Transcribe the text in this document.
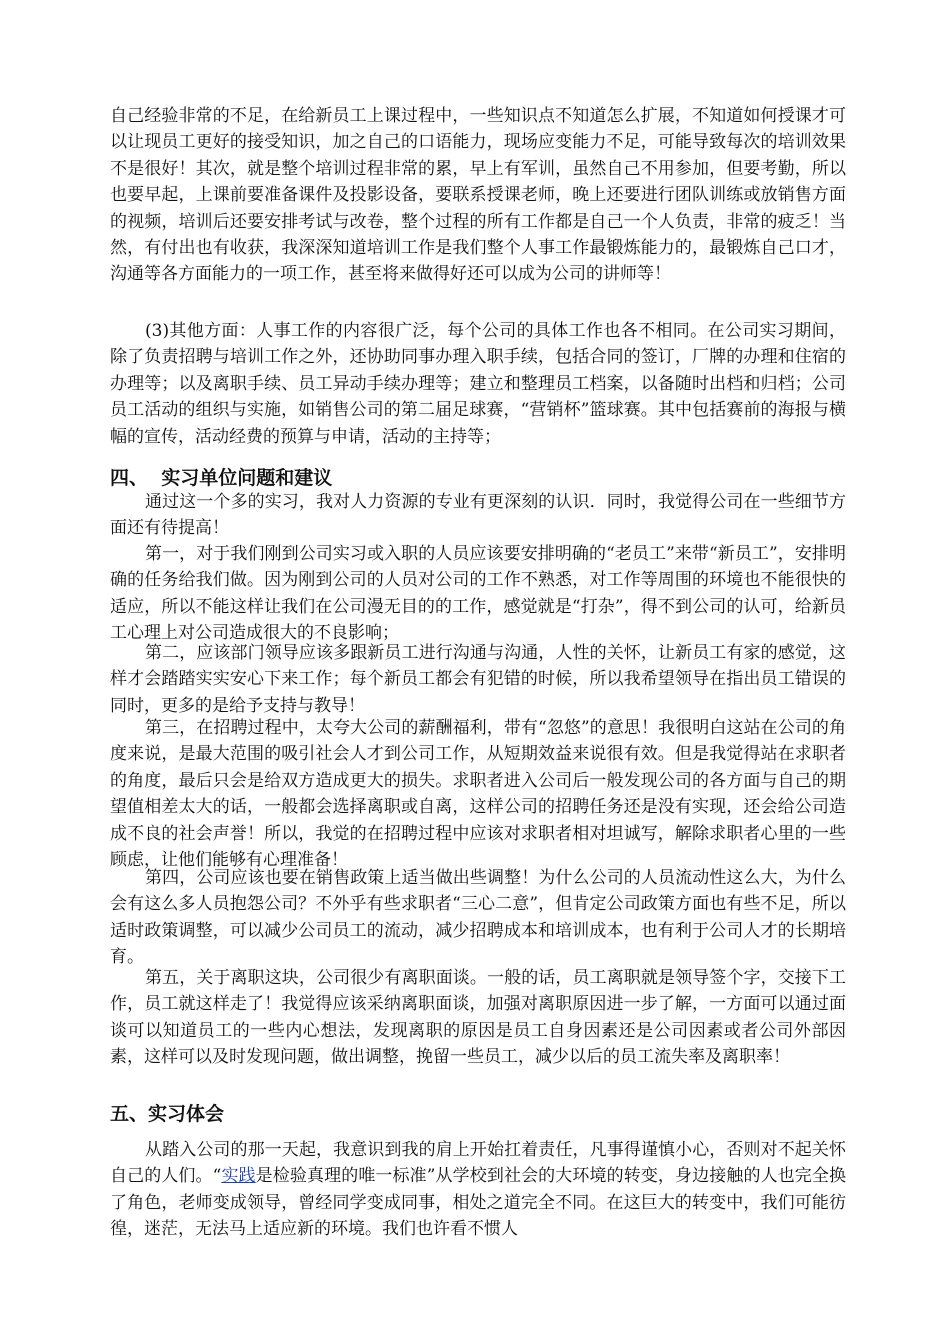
自己经验非常的不足，在给新员工上课过程中，一些知识点不知道怎么扩展，不知道如何授课才可以让现员工更好的接受知识，加之自己的口语能力，现场应变能力不足，可能导致每次的培训效果不是很好！其次，就是整个培训过程非常的累，早上有军训，虽然自己不用参加，但要考勤，所以也要早起，上课前要准备课件及投影设备，要联系授课老师，晚上还要进行团队训练或放销售方面的视频，培训后还要安排考试与改卷，整个过程的所有工作都是自己一个人负责，非常的疲乏！当然，有付出也有收获，我深深知道培训工作是我们整个人事工作最锻炼能力的，最锻炼自己口才，沟通等各方面能力的一项工作，甚至将来做得好还可以成为公司的讲师等！
(3)其他方面：人事工作的内容很广泛，每个公司的具体工作也各不相同。在公司实习期间，除了负责招聘与培训工作之外，还协助同事办理入职手续，包括合同的签订，厂牌的办理和住宿的办理等；以及离职手续、员工异动手续办理等；建立和整理员工档案，以备随时出档和归档；公司员工活动的组织与实施，如销售公司的第二届足球赛，“营销杯”篮球赛。其中包括赛前的海报与横幅的宣传，活动经费的预算与申请，活动的主持等；
四、  实习单位问题和建议
通过这一个多的实习，我对人力资源的专业有更深刻的认识．同时，我觉得公司在一些细节方面还有待提高！
第一，对于我们刚到公司实习或入职的人员应该要安排明确的“老员工”来带“新员工”，安排明确的任务给我们做。因为刚到公司的人员对公司的工作不熟悉，对工作等周围的环境也不能很快的适应，所以不能这样让我们在公司漫无目的的工作，感觉就是“打杂”，得不到公司的认可，给新员工心理上对公司造成很大的不良影响；
第二，应该部门领导应该多跟新员工进行沟通与沟通，人性的关怀，让新员工有家的感觉，这样才会踏踏实实安心下来工作；每个新员工都会有犯错的时候，所以我希望领导在指出员工错误的同时，更多的是给予支持与教导！
第三，在招聘过程中，太夸大公司的薪酬福利，带有“忽悠”的意思！我很明白这站在公司的角度来说，是最大范围的吸引社会人才到公司工作，从短期效益来说很有效。但是我觉得站在求职者的角度，最后只会是给双方造成更大的损失。求职者进入公司后一般发现公司的各方面与自己的期望值相差太大的话，一般都会选择离职或自离，这样公司的招聘任务还是没有实现，还会给公司造成不良的社会声誉！所以，我觉的在招聘过程中应该对求职者相对坦诚写，解除求职者心里的一些顾虑，让他们能够有心理准备！
第四，公司应该也要在销售政策上适当做出些调整！为什么公司的人员流动性这么大，为什么会有这么多人员抱怨公司？不外乎有些求职者“三心二意”，但肯定公司政策方面也有些不足，所以适时政策调整，可以减少公司员工的流动，减少招聘成本和培训成本，也有利于公司人才的长期培育。
第五，关于离职这块，公司很少有离职面谈。一般的话，员工离职就是领导签个字，交接下工作，员工就这样走了！我觉得应该采纳离职面谈，加强对离职原因进一步了解，一方面可以通过面谈可以知道员工的一些内心想法，发现离职的原因是员工自身因素还是公司因素或者公司外部因素，这样可以及时发现问题，做出调整，挽留一些员工，减少以后的员工流失率及离职率！
五、实习体会
从踏入公司的那一天起，我意识到我的肩上开始扛着责任，凡事得谨慎小心，否则对不起关怀自己的人们。“实践是检验真理的唯一标准”从学校到社会的大环境的转变，身边接触的人也完全换了角色，老师变成领导，曾经同学变成同事，相处之道完全不同。在这巨大的转变中，我们可能彷徨，迷茫，无法马上适应新的环境。我们也许看不惯人
